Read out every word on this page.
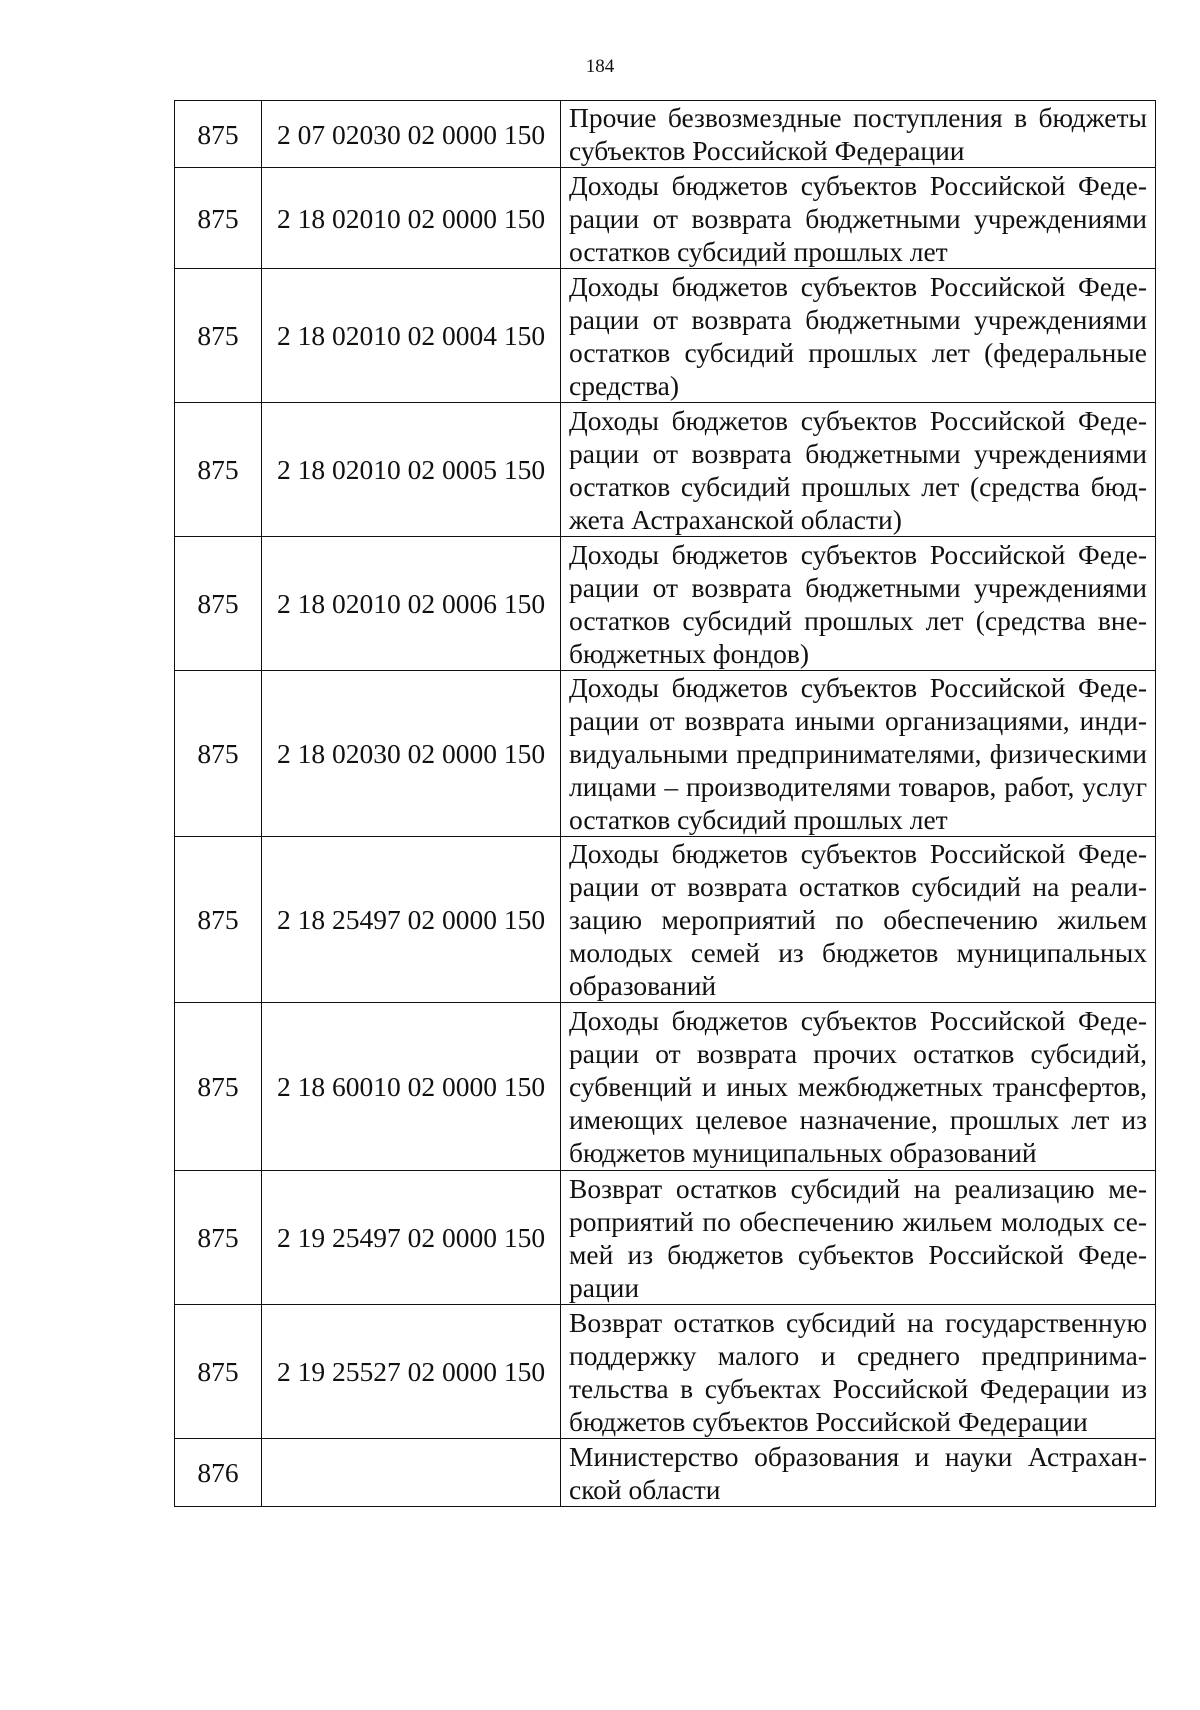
184
875	2 07 02030 02 0000 150	Прочие безвозмездные поступления в бюджеты субъектов Российской Федерации
875	2 18 02010 02 0000 150	Доходы бюджетов субъектов Российской Федерации от возврата бюджетными учреждениями остатков субсидий прошлых лет
875	2 18 02010 02 0004 150	Доходы бюджетов субъектов Российской Федерации от возврата бюджетными учреждениями остатков субсидий прошлых лет (федеральные средства)
875	2 18 02010 02 0005 150	Доходы бюджетов субъектов Российской Федерации от возврата бюджетными учреждениями остатков субсидий прошлых лет (средства бюджета Астраханской области)
875	2 18 02010 02 0006 150	Доходы бюджетов субъектов Российской Федерации от возврата бюджетными учреждениями остатков субсидий прошлых лет (средства внебюджетных фондов)
875	2 18 02030 02 0000 150	Доходы бюджетов субъектов Российской Федерации от возврата иными организациями, индивидуальными предпринимателями, физическими лицами – производителями товаров, работ, услуг остатков субсидий прошлых лет
875	2 18 25497 02 0000 150	Доходы бюджетов субъектов Российской Федерации от возврата остатков субсидий на реализацию мероприятий по обеспечению жильем молодых семей из бюджетов муниципальных образований
875	2 18 60010 02 0000 150	Доходы бюджетов субъектов Российской Федерации от возврата прочих остатков субсидий, субвенций и иных межбюджетных трансфертов, имеющих целевое назначение, прошлых лет из бюджетов муниципальных образований
875	2 19 25497 02 0000 150	Возврат остатков субсидий на реализацию мероприятий по обеспечению жильем молодых семей из бюджетов субъектов Российской Федерации
875	2 19 25527 02 0000 150	Возврат остатков субсидий на государственную поддержку малого и среднего предпринимательства в субъектах Российской Федерации из бюджетов субъектов Российской Федерации
876		Министерство образования и науки Астраханской области
